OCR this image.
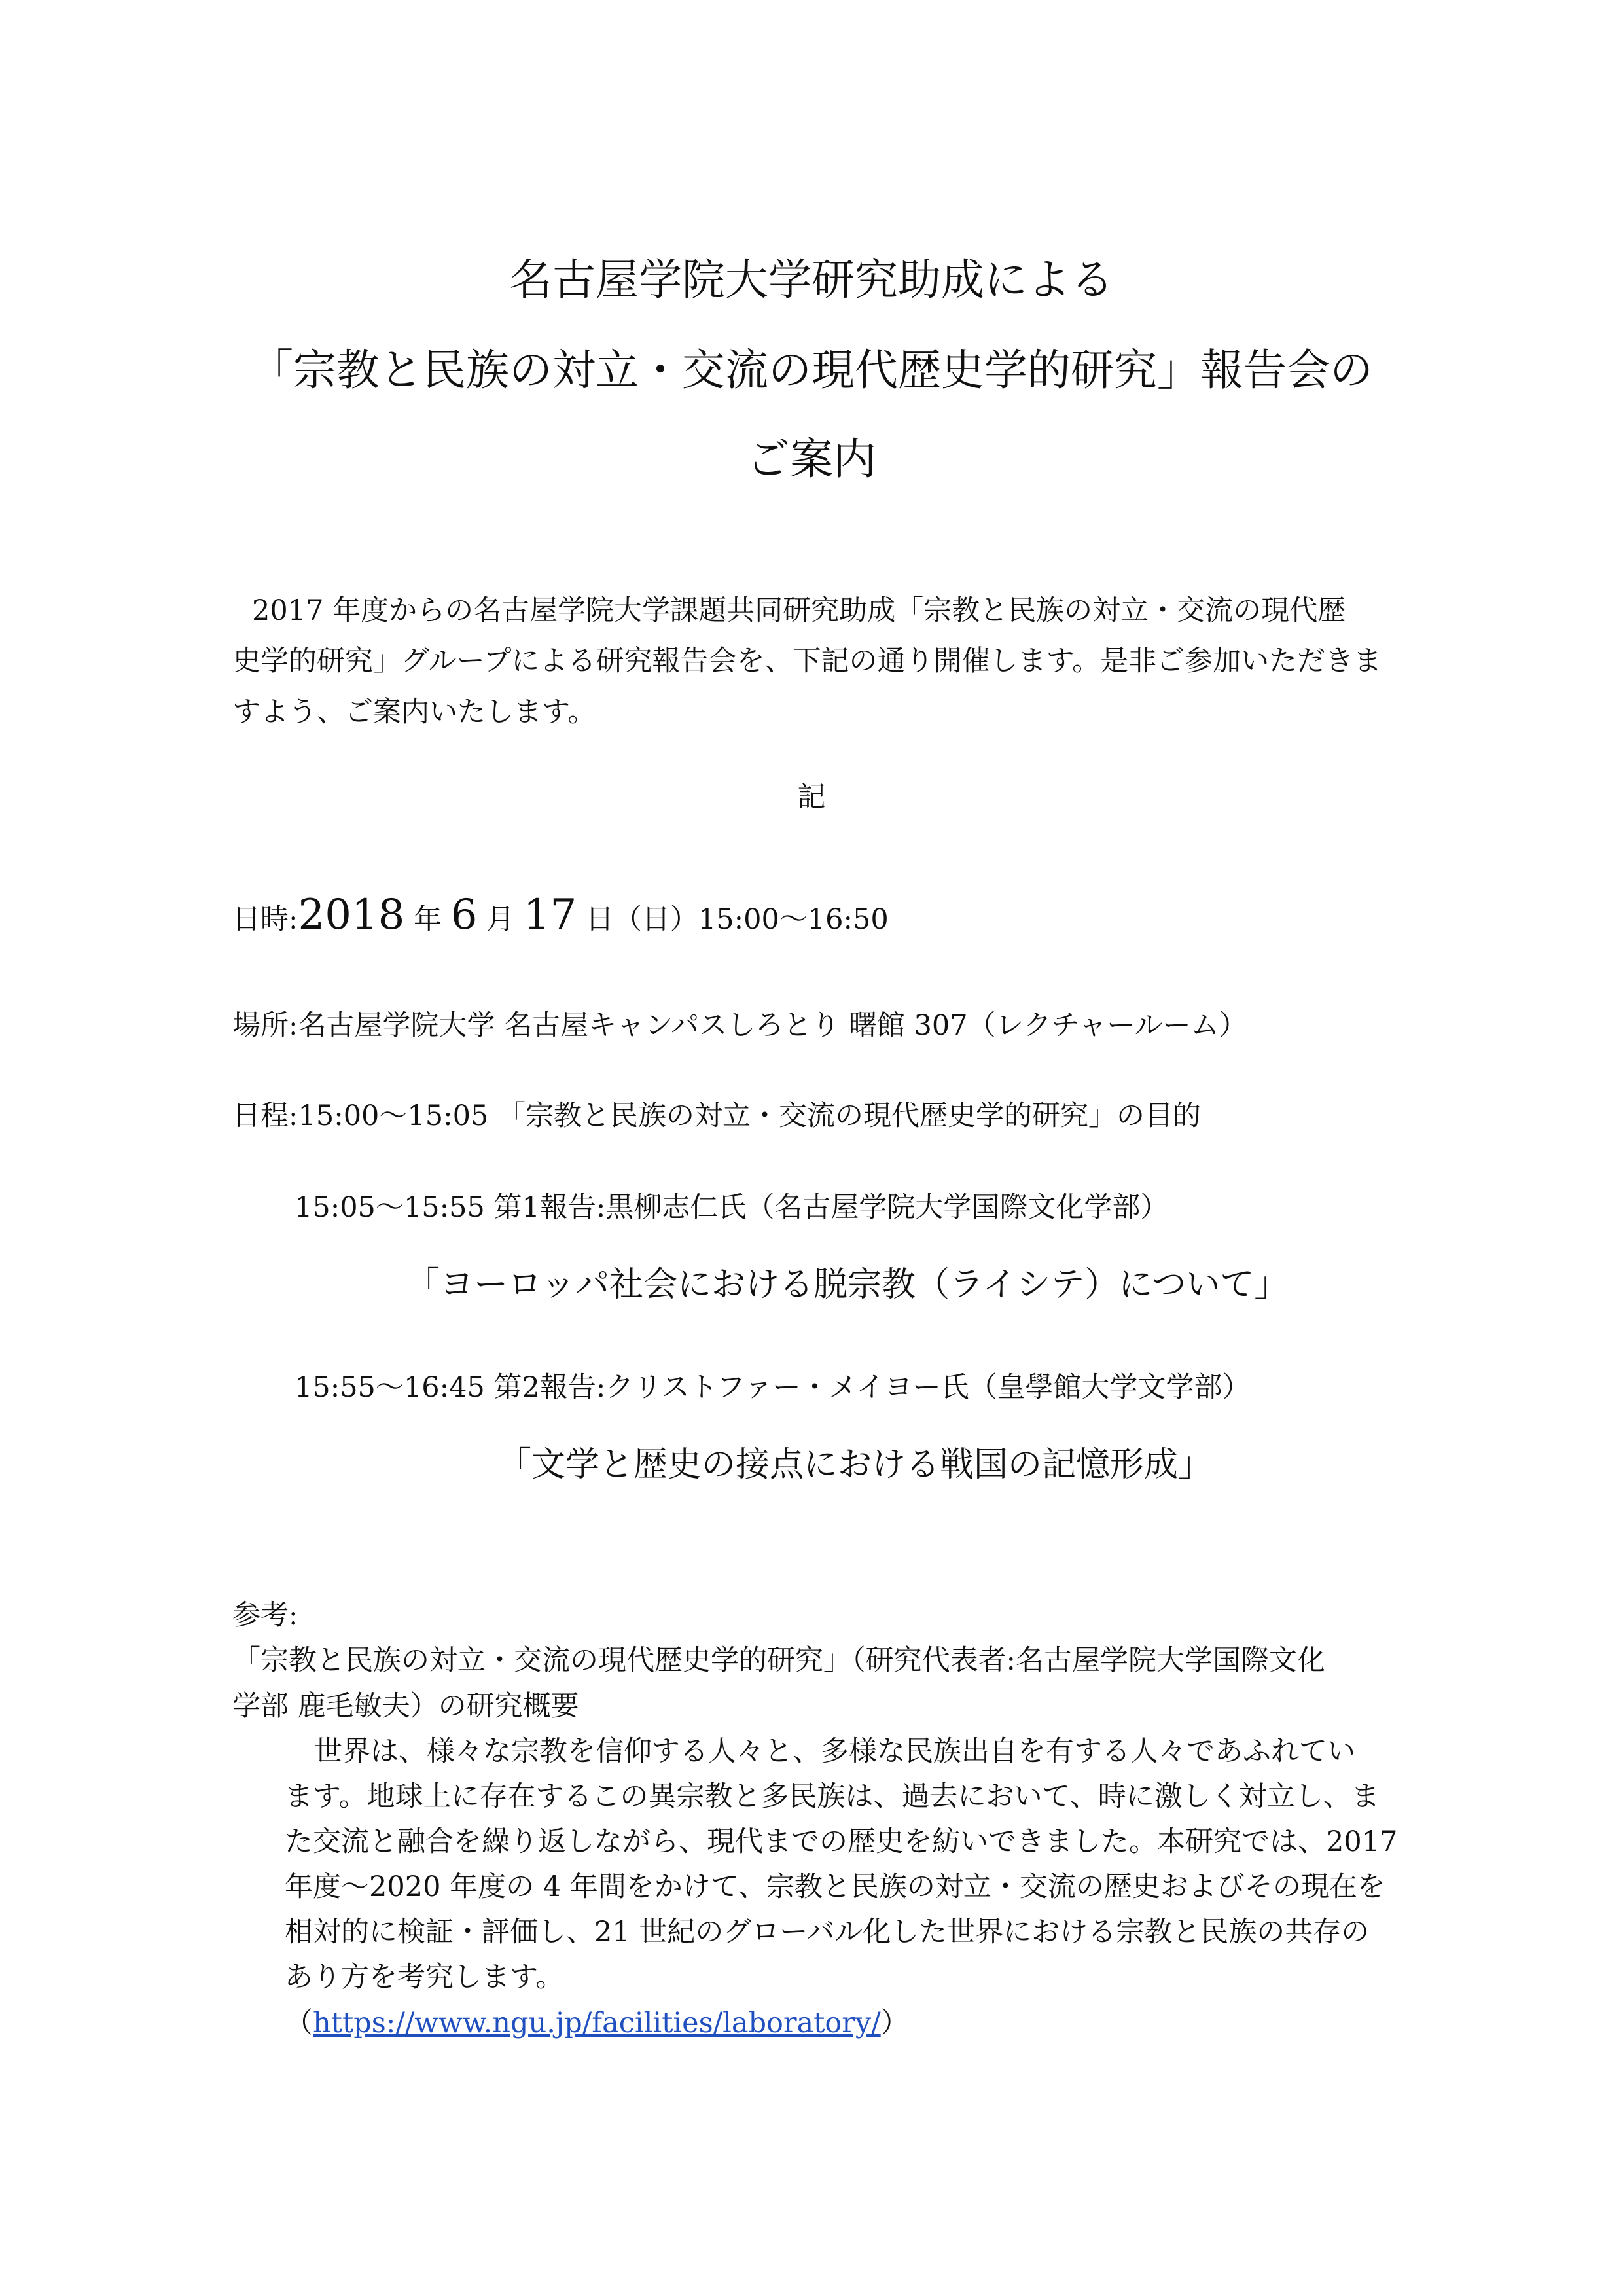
名古屋学院大学研究助成による
「宗教と民族の対立・交流の現代歴史学的研究」報告会の
ご案内
2017 年度からの名古屋学院大学課題共同研究助成「宗教と民族の対立・交流の現代歴
史学的研究」グループによる研究報告会を、下記の通り開催します。是非ご参加いただきま
すよう、ご案内いたします。
記
日時:2018 年 6 月 17 日（日）15:00～16:50
場所:名古屋学院大学 名古屋キャンパスしろとり 曙館 307（レクチャールーム）
日程:15:00～15:05 「宗教と民族の対立・交流の現代歴史学的研究」の目的
15:05～15:55 第1報告:黒柳志仁氏（名古屋学院大学国際文化学部）
「ヨーロッパ社会における脱宗教（ライシテ）について」
15:55～16:45 第2報告:クリストファー・メイヨー氏（皇學館大学文学部）
「文学と歴史の接点における戦国の記憶形成」
参考:
「宗教と民族の対立・交流の現代歴史学的研究」（研究代表者:名古屋学院大学国際文化
学部 鹿毛敏夫）の研究概要
世界は、様々な宗教を信仰する人々と、多様な民族出自を有する人々であふれてい
ます。地球上に存在するこの異宗教と多民族は、過去において、時に激しく対立し、ま
た交流と融合を繰り返しながら、現代までの歴史を紡いできました。本研究では、2017
年度～2020 年度の 4 年間をかけて、宗教と民族の対立・交流の歴史およびその現在を
相対的に検証・評価し、21 世紀のグローバル化した世界における宗教と民族の共存の
あり方を考究します。
（https://www.ngu.jp/facilities/laboratory/）
